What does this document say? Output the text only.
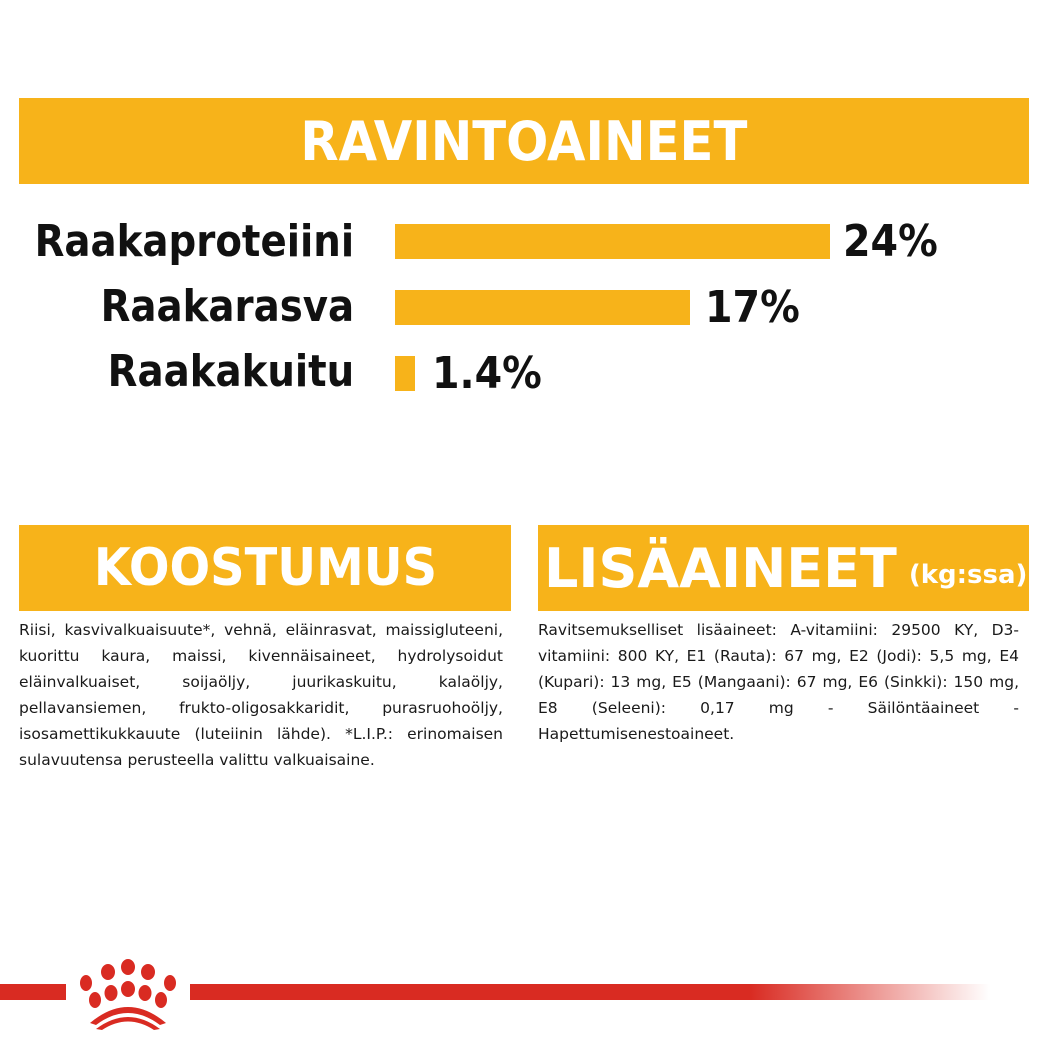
RAVINTOAINEET
Raakaproteiini	24%
Raakarasva	17%
Raakakuitu 1.4%
KOOSTUMUS
Riisi, kasvivalkuaisuute*, vehnä, eläinrasvat, maissigluteeni, kuorittu kaura, maissi, kivennäisaineet, hydrolysoidut eläinvalkuaiset, soijaöljy, juurikaskuitu, kalaöljy, pellavansiemen, frukto-oligosakkaridit, purasruohoöljy, isosamettikukkauute (luteiinin lähde). *L.I.P.: erinomaisen sulavuutensa perusteella valittu valkuaisaine.
LISÄAINEET (kg:ssa)
Ravitsemukselliset lisäaineet: A-vitamiini: 29500 KY, D3-vitamiini: 800 KY, E1 (Rauta): 67 mg, E2 (Jodi): 5,5 mg, E4 (Kupari): 13 mg, E5 (Mangaani): 67 mg, E6 (Sinkki): 150 mg, E8 (Seleeni): 0,17 mg - Säilöntäaineet - Hapettumisenestoaineet.
